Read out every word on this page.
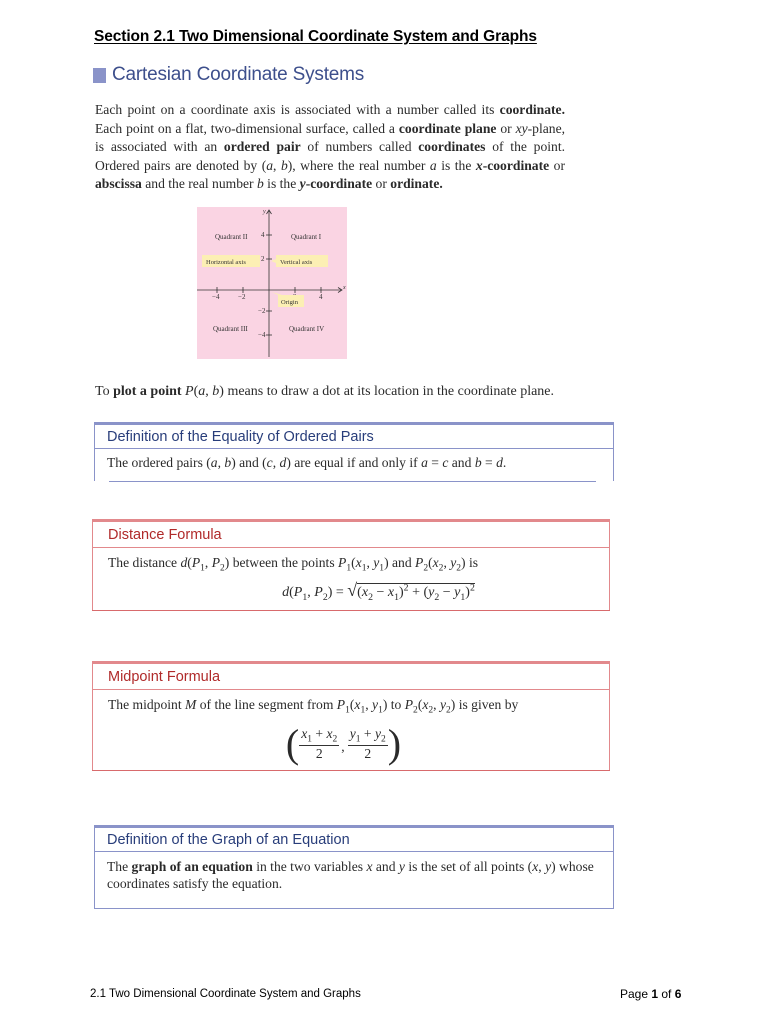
Section 2.1 Two Dimensional Coordinate System and Graphs
Cartesian Coordinate Systems
Each point on a coordinate axis is associated with a number called its coordinate. Each point on a flat, two-dimensional surface, called a coordinate plane or xy-plane, is associated with an ordered pair of numbers called coordinates of the point. Ordered pairs are denoted by (a, b), where the real number a is the x-coordinate or abscissa and the real number b is the y-coordinate or ordinate.
y
x
−4	−2	4
4
2
−2
−4
Quadrant II	Quadrant I
Quadrant III	Quadrant IV
Horizontal axis	Vertical axis
Origin
To plot a point P(a, b) means to draw a dot at its location in the coordinate plane.
Definition of the Equality of Ordered Pairs
The ordered pairs (a, b) and (c, d) are equal if and only if a = c and b = d.
Distance Formula
The distance $d(P_1$, $P_2$) between the points $P_1(x_1$, $y_1$) and $P_2(x_2$, $y_2$) is
$d(P_1$, $P_2) = √(x_2 - x_1)^2 + (y_2 - y_1)^2$
Midpoint Formula
The midpoint M of the line segment from $P_1(x_1$, $y_1$) to $P_2(x_2$, $y_2$) is given by
( $\frac{x_1 + x_2}{2}$ , $\frac{y_1 + y_2}{2}$ )
Definition of the Graph of an Equation
The graph of an equation in the two variables x and y is the set of all points (x, y) whose coordinates satisfy the equation.
2.1 Two Dimensional Coordinate System and Graphs	Page 1 of 6
